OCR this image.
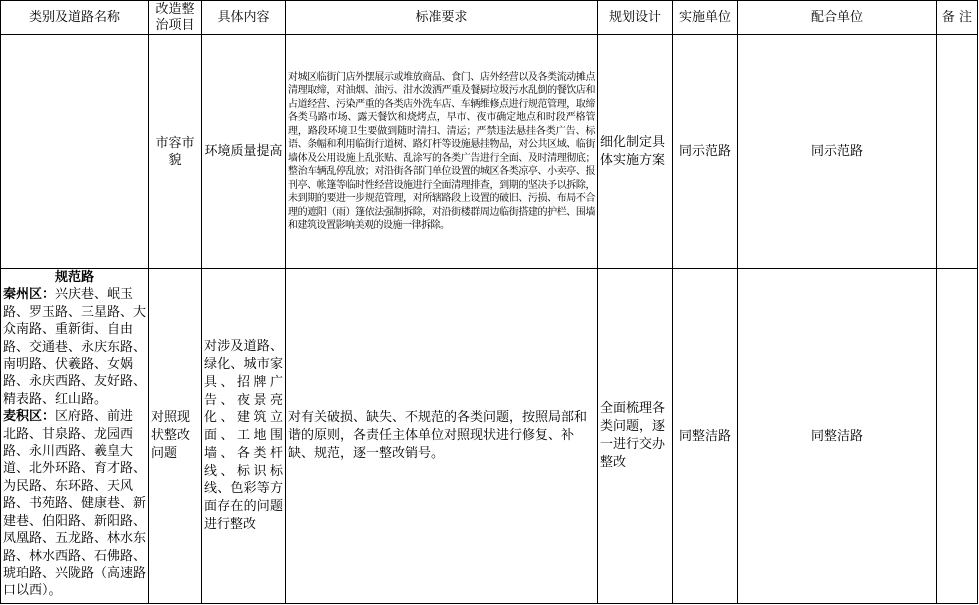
类别及道路名称	改造整治项目	具体内容	标准要求	规划设计	实施单位	配合单位	备 注
	市容市貌	环境质量提高	对城区临街门店外摆展示或堆放商品、食门、店外经营以及各类流动摊点清理取缔，对油烟、油污、泔水泼洒严重及餐厨垃圾污水乱倒的餐饮店和占道经营、污染严重的各类店外洗车店、车辆维修点进行规范管理，取缔各类马路市场、露天餐饮和烧烤点，早市、夜市确定地点和时段严格管理，路段环境卫生要做到随时清扫、清运；严禁违法悬挂各类广告、标语、条幅和利用临街行道树、路灯杆等设施悬挂物品，对公共区域、临街墙体及公用设施上乱张贴、乱涂写的各类广告进行全面、及时清理彻底；整治车辆乱停乱放；对沿街各部门单位设置的城区各类凉亭、小卖亭、报刊亭、帐篷等临时性经营设施进行全面清理排查，到期的坚决予以拆除，未到期的要进一步规范管理，对所辖路段上设置的破旧、污损、布局不合理的遮阳（雨）篷依法强制拆除，对沿街楼群周边临街搭建的护栏、围墙和建筑设置影响美观的设施一律拆除。	细化制定具体实施方案	同示范路	同示范路	

规范路
秦州区：兴庆巷、岷玉路、罗玉路、三星路、大众南路、重新街、自由路、交通巷、永庆东路、南明路、伏羲路、女娲路、永庆西路、友好路、精表路、红山路。
麦积区：区府路、前进北路、甘泉路、龙园西路、永川西路、羲皇大道、北外环路、育才路、为民路、东环路、天风路、书苑路、健康巷、新建巷、伯阳路、新阳路、凤凰路、五龙路、林水东路、林水西路、石佛路、琥珀路、兴陇路（高速路口以西）。	对照现状整改问题	对涉及道路、绿化、城市家具、招牌广告、夜景亮化、建筑立面、工地围墙、各类杆线、标识标线、色彩等方面存在的问题进行整改	对有关破损、缺失、不规范的各类问题，按照局部和谐的原则，各责任主体单位对照现状进行修复、补缺、规范，逐一整改销号。	全面梳理各类问题，逐一进行交办整改	同整洁路	同整洁路	
